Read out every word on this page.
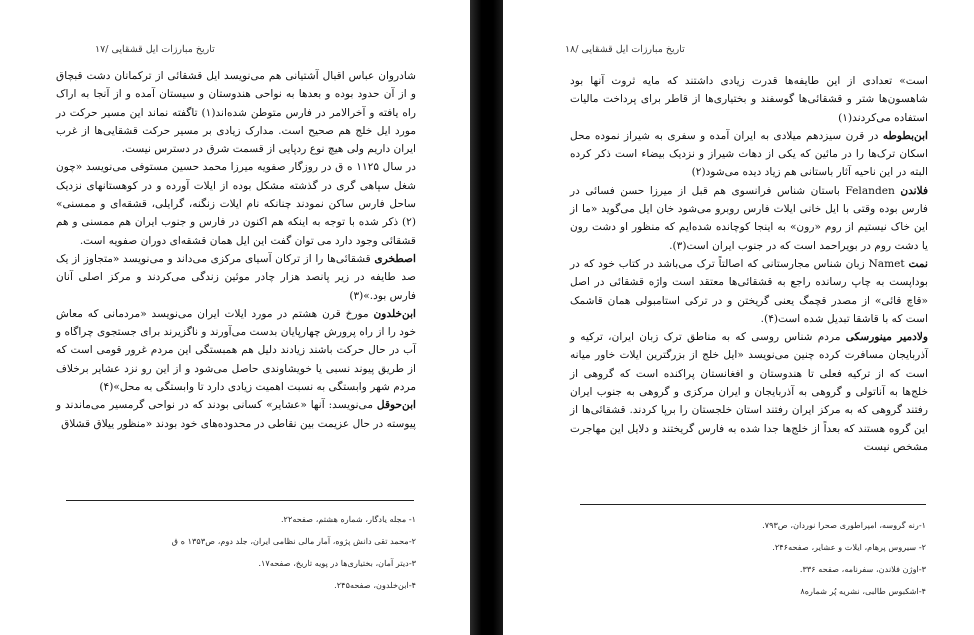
تاریخ مبارزات ایل قشقایی /۱۷

شادروان عباس اقبال آشتیانی هم می‌نویسد ایل قشقائی از ترکمانان دشت قبچاق و از آن حدود بوده و بعدها به نواحی هندوستان و سیستان آمده و از آنجا به اراک راه یافته و آخرالامر در فارس متوطن شده‌اند(۱) تاگفته نماند این مسیر حرکت در مورد ایل خلج هم صحیح است. مدارک زیادی بر مسیر حرکت قشقایی‌ها از غرب ایران داریم ولی هیچ نوع ردپایی از قسمت شرق در دسترس نیست.

در سال ۱۱۲۵ ه ق در روزگار صفویه میرزا محمد حسین مستوفی می‌نویسد «چون شغل سپاهی گری در گذشته مشکل بوده از ایلات آورده و در کوهستانهای نزدیک ساحل فارس ساکن نمودند چنانکه نام ایلات زنگنه، گرایلی، قشقه‌ای و ممسنی» (۲) ذکر شده با توجه به اینکه هم اکنون در فارس و جنوب ایران هم ممسنی و هم قشقائی وجود دارد می توان گفت این ایل همان قشقه‌ای دوران صفویه است.

اصطخری قشقائی‌ها را از ترکان آسیای مرکزی می‌داند و می‌نویسد «متجاوز از یک صد طایفه در زیر پانصد هزار چادر موئین زندگی می‌کردند و مرکز اصلی آنان فارس بود.»(۳)

ابن‌خلدون مورخ قرن هشتم در مورد ایلات ایران می‌نویسد «مردمانی که معاش خود را از راه پرورش چهارپایان بدست می‌آورند و ناگزیرند برای جستجوی چراگاه و آب در حال حرکت باشند زیادند دلیل هم همبستگی این مردم غرور قومی است که از طریق پیوند نسبی یا خویشاوندی حاصل می‌شود و از این رو نزد عشایر برخلاف مردم شهر وابستگی به نسبت اهمیت زیادی دارد تا وابستگی به محل»(۴)

ابن‌حوقل می‌نویسد: آنها «عشایر» کسانی بودند که در نواحی گرمسیر می‌ماندند و پیوسته در حال عزیمت بین نقاطی در محدوده‌های خود بودند «منظور ییلاق قشلاق

۱- مجله یادگار، شماره هشتم، صفحه۲۲.
۲-محمد تقی دانش پژوه، آمار مالی نظامی ایران، جلد دوم، ص۱۳۵۳ ه ق
۳-دیتر آمان، بختیاری‌ها در پویه تاریخ، صفحه۱۷.
۴-ابن‌خلدون، صفحه۲۴۵.
تاریخ مبارزات ایل قشقایی /۱۸

است» تعدادی از این طایفه‌ها قدرت زیادی داشتند که مایه ثروت آنها بود شاهسون‌ها شتر و قشقائی‌ها گوسفند و بختیاری‌ها از قاطر برای پرداخت مالیات استفاده می‌کردند(۱)

ابن‌بطوطه در قرن سیزدهم میلادی به ایران آمده و سفری به شیراز نموده محل اسکان ترک‌ها را در مائین که یکی از دهات شیراز و نزدیک بیضاء است ذکر کرده البته در این ناحیه آثار باستانی هم زیاد دیده می‌شود(۲)

فلاندن Felanden باستان شناس فرانسوی هم قبل از میرزا حسن فسائی در فارس بوده وقتی با ایل خانی ایلات فارس روبرو می‌شود خان ایل می‌گوید «ما از این خاک نیستیم از روم «رون» به اینجا کوچانده شده‌ایم که منظور او دشت رون یا دشت روم در بویراحمد است که در جنوب ایران است(۳).

نمت Namet زبان شناس مجارستانی که اصالتاً ترک می‌باشد در کتاب خود که در بوداپست به چاپ رسانده راجع به قشقائی‌ها معتقد است واژه قشقائی در اصل «قاچ قائی» از مصدر قچمگ یعنی گریختن و در ترکی استامبولی همان قاشمک است که با قاشقا تبدیل شده است(۴).

ولادمیر مینورسکی مردم شناس روسی که به مناطق ترک زبان ایران، ترکیه و آذربایجان مسافرت کرده چنین می‌نویسد «ایل خلج از بزرگترین ایلات خاور میانه است که از ترکیه فعلی تا هندوستان و افغانستان پراکنده است که گروهی از خلج‌ها به آناتولی و گروهی به آذربایجان و ایران مرکزی و گروهی به جنوب ایران رفتند گروهی که به مرکز ایران رفتند استان خلجستان را برپا کردند. قشقائی‌ها از این گروه هستند که بعداً از خلج‌ها جدا شده به فارس گریختند و دلایل این مهاجرت مشخص نیست

۱-رنه گروسه، امپراطوری صحرا نوردان، ص۷۹۳.
۲- سیروس پرهام، ایلات و عشایر، صفحه۲۴۶.
۳-اوژن فلاندن، سفرنامه، صفحه ۳۳۶.
۴-اشکبوس طالبی، نشریه پُر شماره۸
